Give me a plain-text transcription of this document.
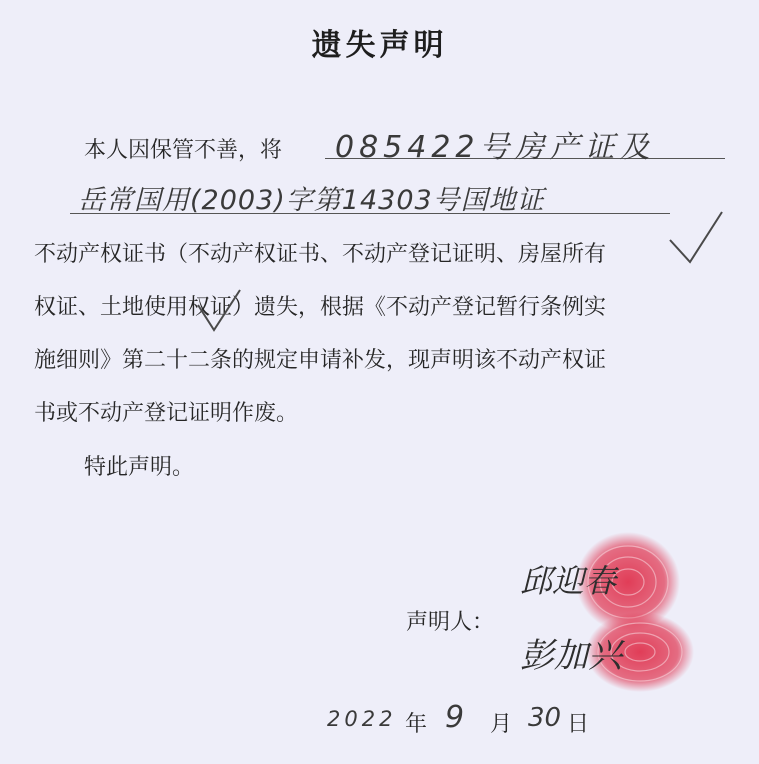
遗失声明
本人因保管不善，将 085422号房产证及
岳常国用(2003)字第14303号国地证
不动产权证书（不动产权证书、不动产登记证明、房屋所有
权证、土地使用权证）遗失，根据《不动产登记暂行条例实
施细则》第二十二条的规定申请补发，现声明该不动产权证
书或不动产登记证明作废。
特此声明。
声明人：
邱迎春
彭加兴
2022 年 9 月 30 日
